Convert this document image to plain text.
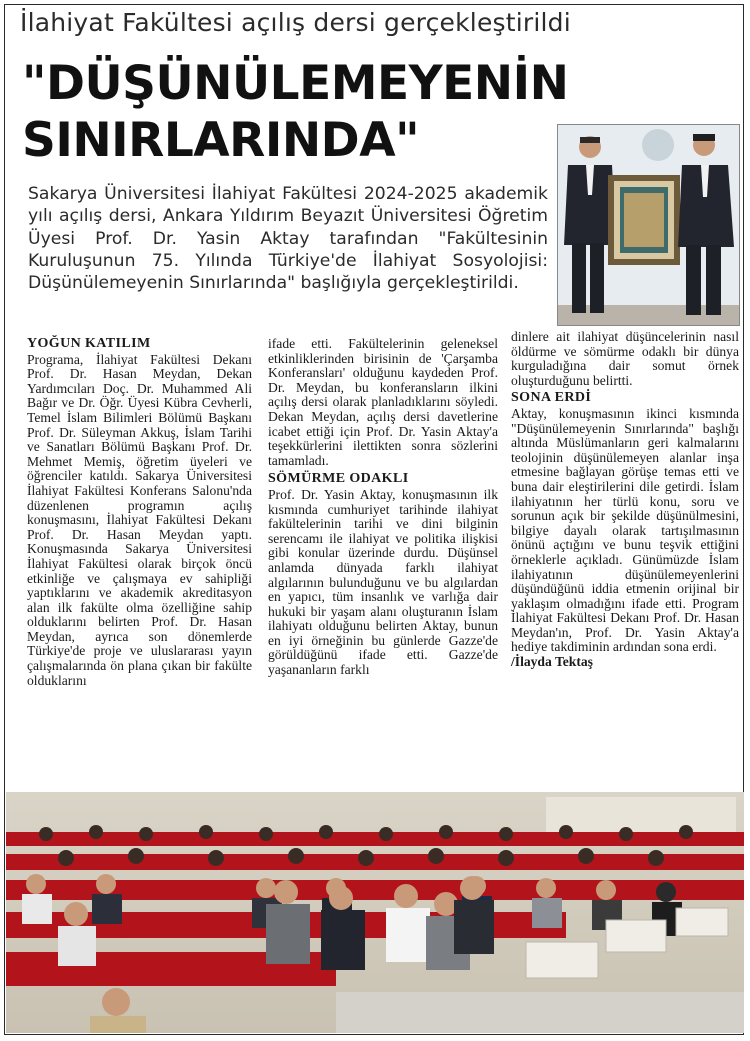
İlahiyat Fakültesi açılış dersi gerçekleştirildi
"DÜŞÜNÜLEMEYENİN
SINIRLARINDA"
Sakarya Üniversitesi İlahiyat Fakültesi 2024-2025 akademik yılı açılış dersi, Ankara Yıldırım Beyazıt Üniversitesi Öğretim Üyesi Prof. Dr. Yasin Aktay tarafından "Fakültesinin Kuruluşunun 75. Yılında Türkiye'de İlahiyat Sosyolojisi: Düşünülemeyenin Sınırlarında" başlığıyla gerçekleştirildi.
YOĞUN KATILIM

Programa, İlahiyat Fakültesi Dekanı Prof. Dr. Hasan Meydan, Dekan Yardımcıları Doç. Dr. Muhammed Ali Bağır ve Dr. Öğr. Üyesi Kübra Cevherli, Temel İslam Bilimleri Bölümü Başkanı Prof. Dr. Süleyman Akkuş, İslam Tarihi ve Sanatları Bölümü Başkanı Prof. Dr. Mehmet Memiş, öğretim üyeleri ve öğrenciler katıldı. Sakarya Üniversitesi İlahiyat Fakültesi Konferans Salonu'nda düzenlenen programın açılış konuşmasını, İlahiyat Fakültesi Dekanı Prof. Dr. Hasan Meydan yaptı. Konuşmasında Sakarya Üniversitesi İlahiyat Fakültesi olarak birçok öncü etkinliğe ve çalışmaya ev sahipliği yaptıklarını ve akademik akreditasyon alan ilk fakülte olma özelliğine sahip olduklarını belirten Prof. Dr. Hasan Meydan, ayrıca son dönemlerde Türkiye'de proje ve uluslararası yayın çalışmalarında ön plana çıkan bir fakülte olduklarını

ifade etti. Fakültelerinin geleneksel etkinliklerinden birisinin de 'Çarşamba Konferansları' olduğunu kaydeden Prof. Dr. Meydan, bu konferansların ilkini açılış dersi olarak planladıklarını söyledi. Dekan Meydan, açılış dersi davetlerine icabet ettiği için Prof. Dr. Yasin Aktay'a teşekkürlerini ilettikten sonra sözlerini tamamladı.

SÖMÜRME ODAKLI

Prof. Dr. Yasin Aktay, konuşmasının ilk kısmında cumhuriyet tarihinde ilahiyat fakültelerinin tarihi ve dini bilginin serencamı ile ilahiyat ve politika ilişkisi gibi konular üzerinde durdu. Düşünsel anlamda dünyada farklı ilahiyat algılarının bulunduğunu ve bu algılardan en yapıcı, tüm insanlık ve varlığa dair hukuki bir yaşam alanı oluşturanın İslam ilahiyatı olduğunu belirten Aktay, bunun en iyi örneğinin bu günlerde Gazze'de görüldüğünü ifade etti. Gazze'de yaşananların farklı

dinlere ait ilahiyat düşüncelerinin nasıl öldürme ve sömürme odaklı bir dünya kurguladığına dair somut örnek oluşturduğunu belirtti.

SONA ERDİ

Aktay, konuşmasının ikinci kısmında "Düşünülemeyenin Sınırlarında" başlığı altında Müslümanların geri kalmalarını teolojinin düşünülemeyen alanlar inşa etmesine bağlayan görüşe temas etti ve buna dair eleştirilerini dile getirdi. İslam ilahiyatının her türlü konu, soru ve sorunun açık bir şekilde düşünülmesini, bilgiye dayalı olarak tartışılmasının önünü açtığını ve bunu teşvik ettiğini örneklerle açıkladı. Günümüzde İslam ilahiyatının düşünülemeyenlerini düşündüğünü iddia etmenin orijinal bir yaklaşım olmadığını ifade etti. Program İlahiyat Fakültesi Dekanı Prof. Dr. Hasan Meydan'ın, Prof. Dr. Yasin Aktay'a hediye takdiminin ardından sona erdi.

/İlayda Tektaş
